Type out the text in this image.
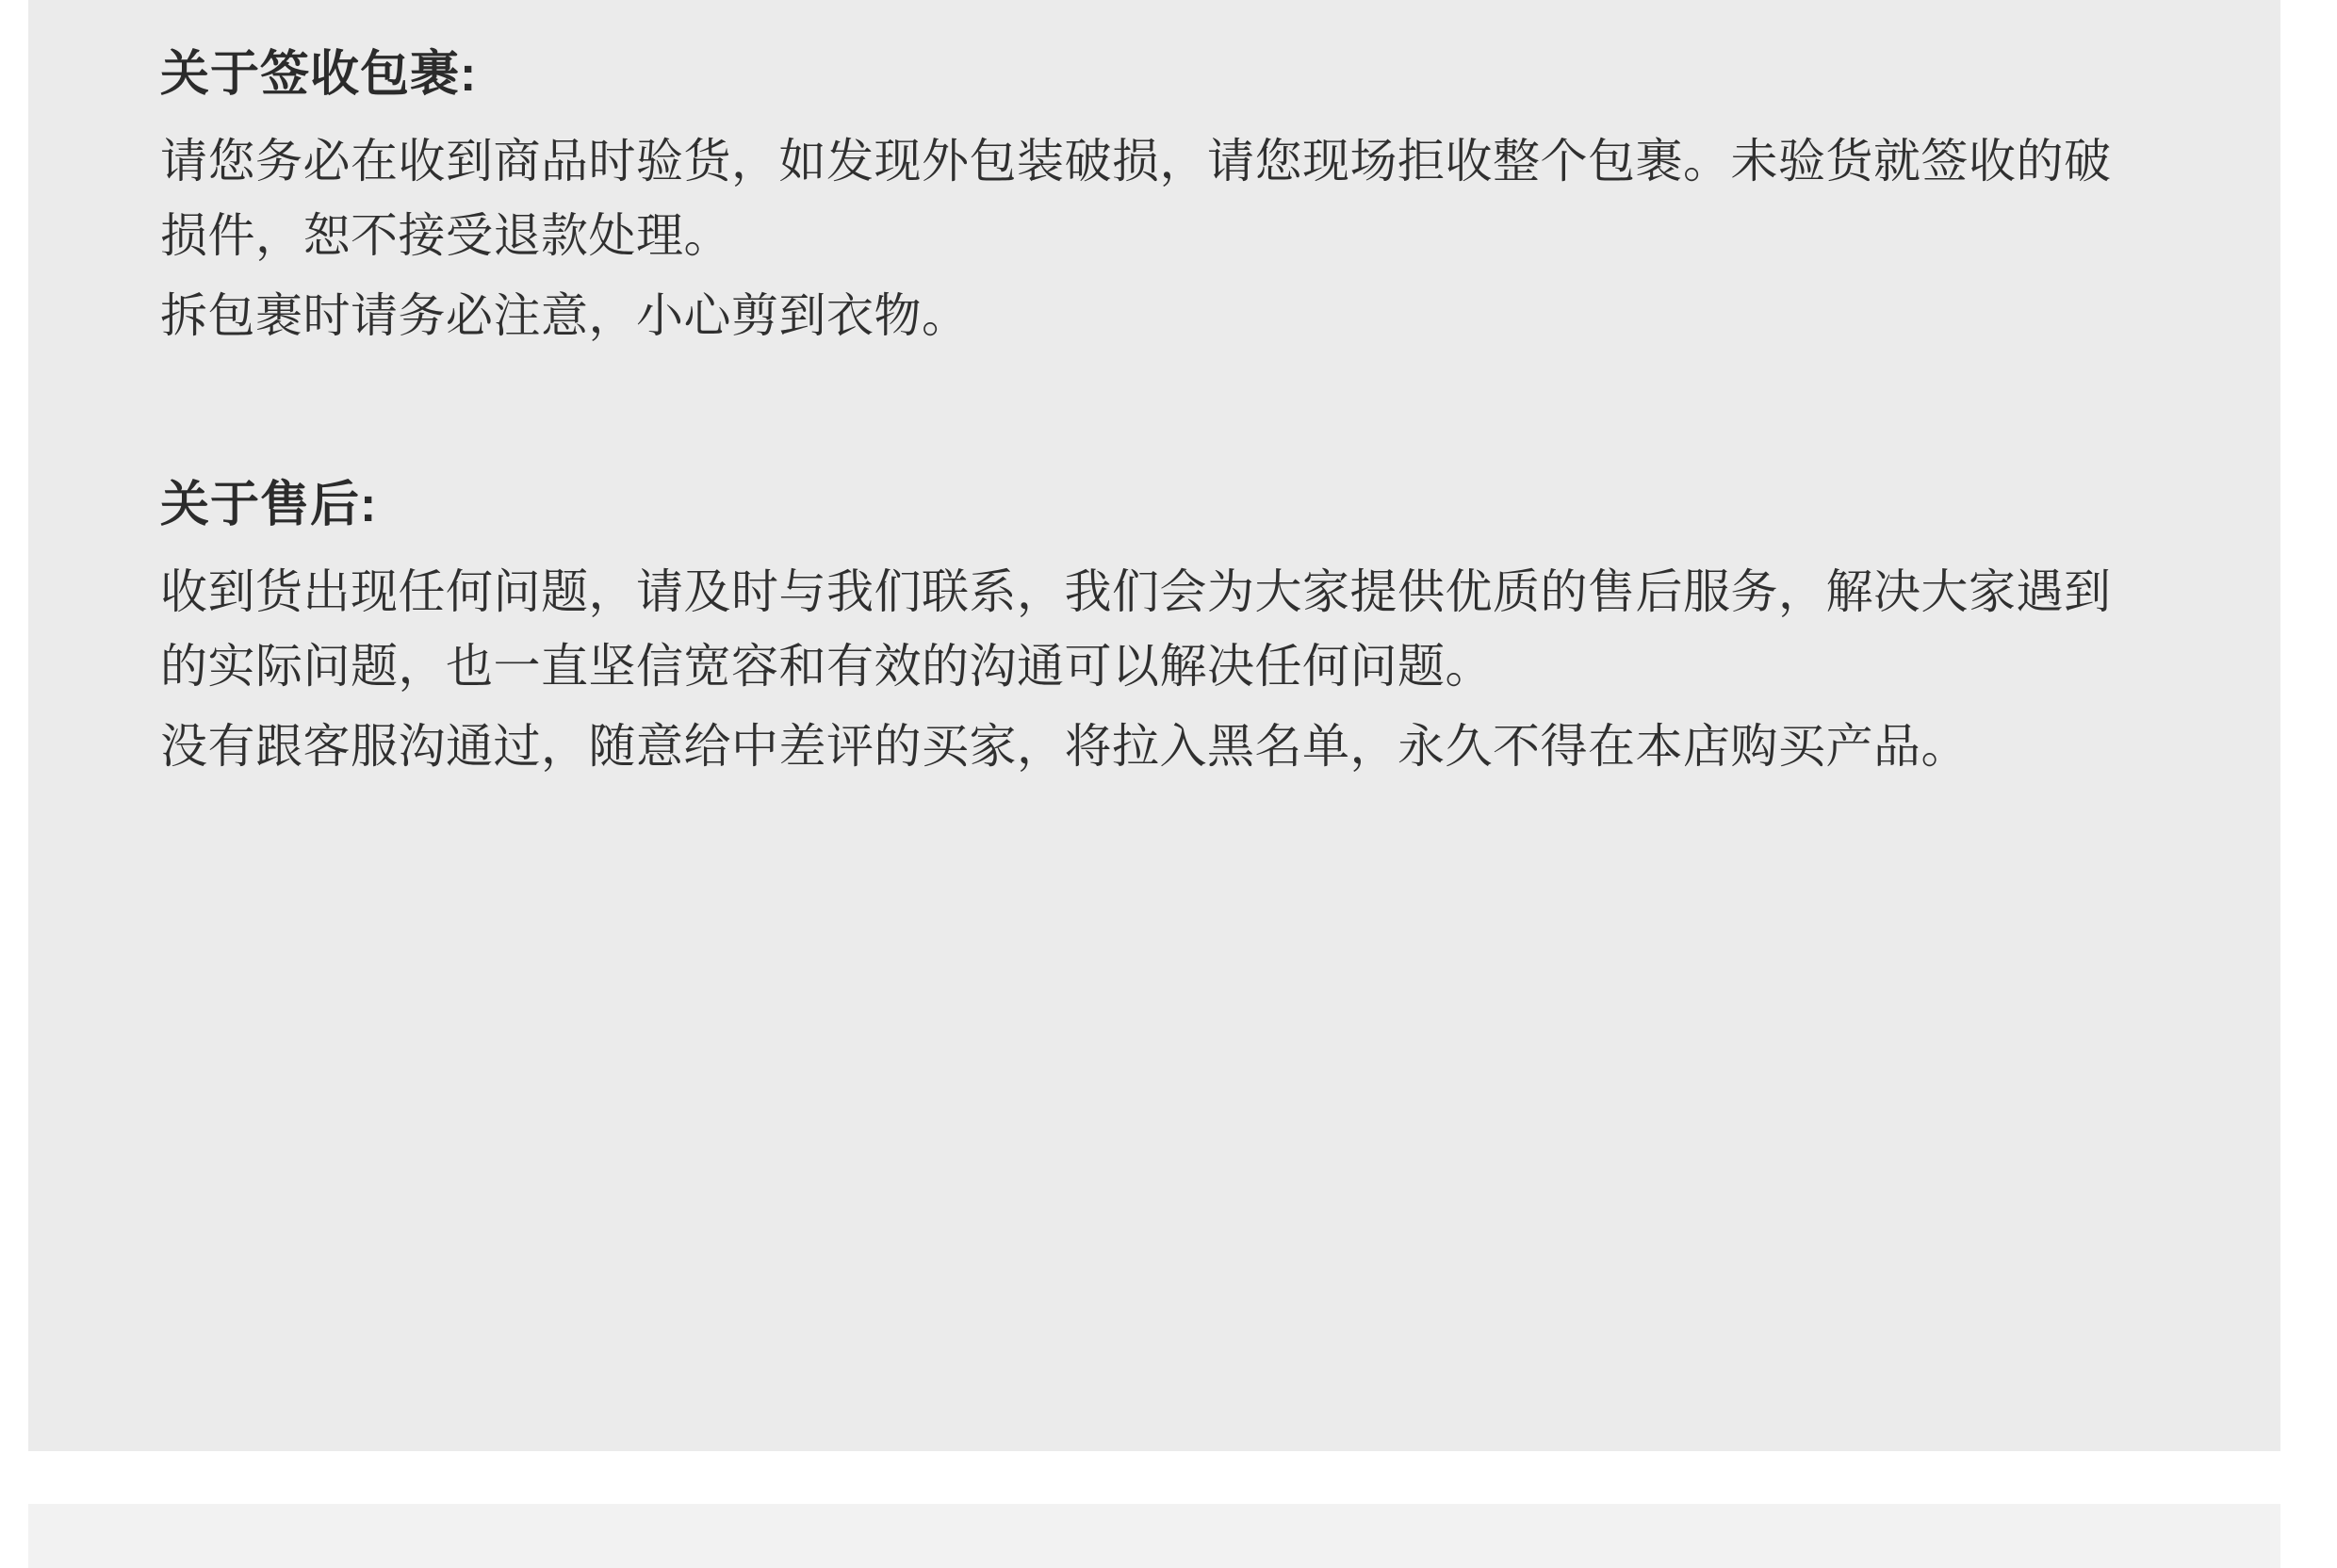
关于签收包裹:

请您务必在收到商品时验货，如发现外包装破损，请您现场拒收整个包裹。未验货就签收的破损件，恕不接受退款处理。

拆包裹时请务必注意，小心剪到衣物。

关于售后:

收到货出现任何问题，请及时与我们联系，我们会为大家提供优质的售后服务，解决大家遇到的实际问题，也一直坚信宽容和有效的沟通可以解决任何问题。

没有跟客服沟通过，随意给中差评的买家，将拉入黑名单，永久不得在本店购买产品。
